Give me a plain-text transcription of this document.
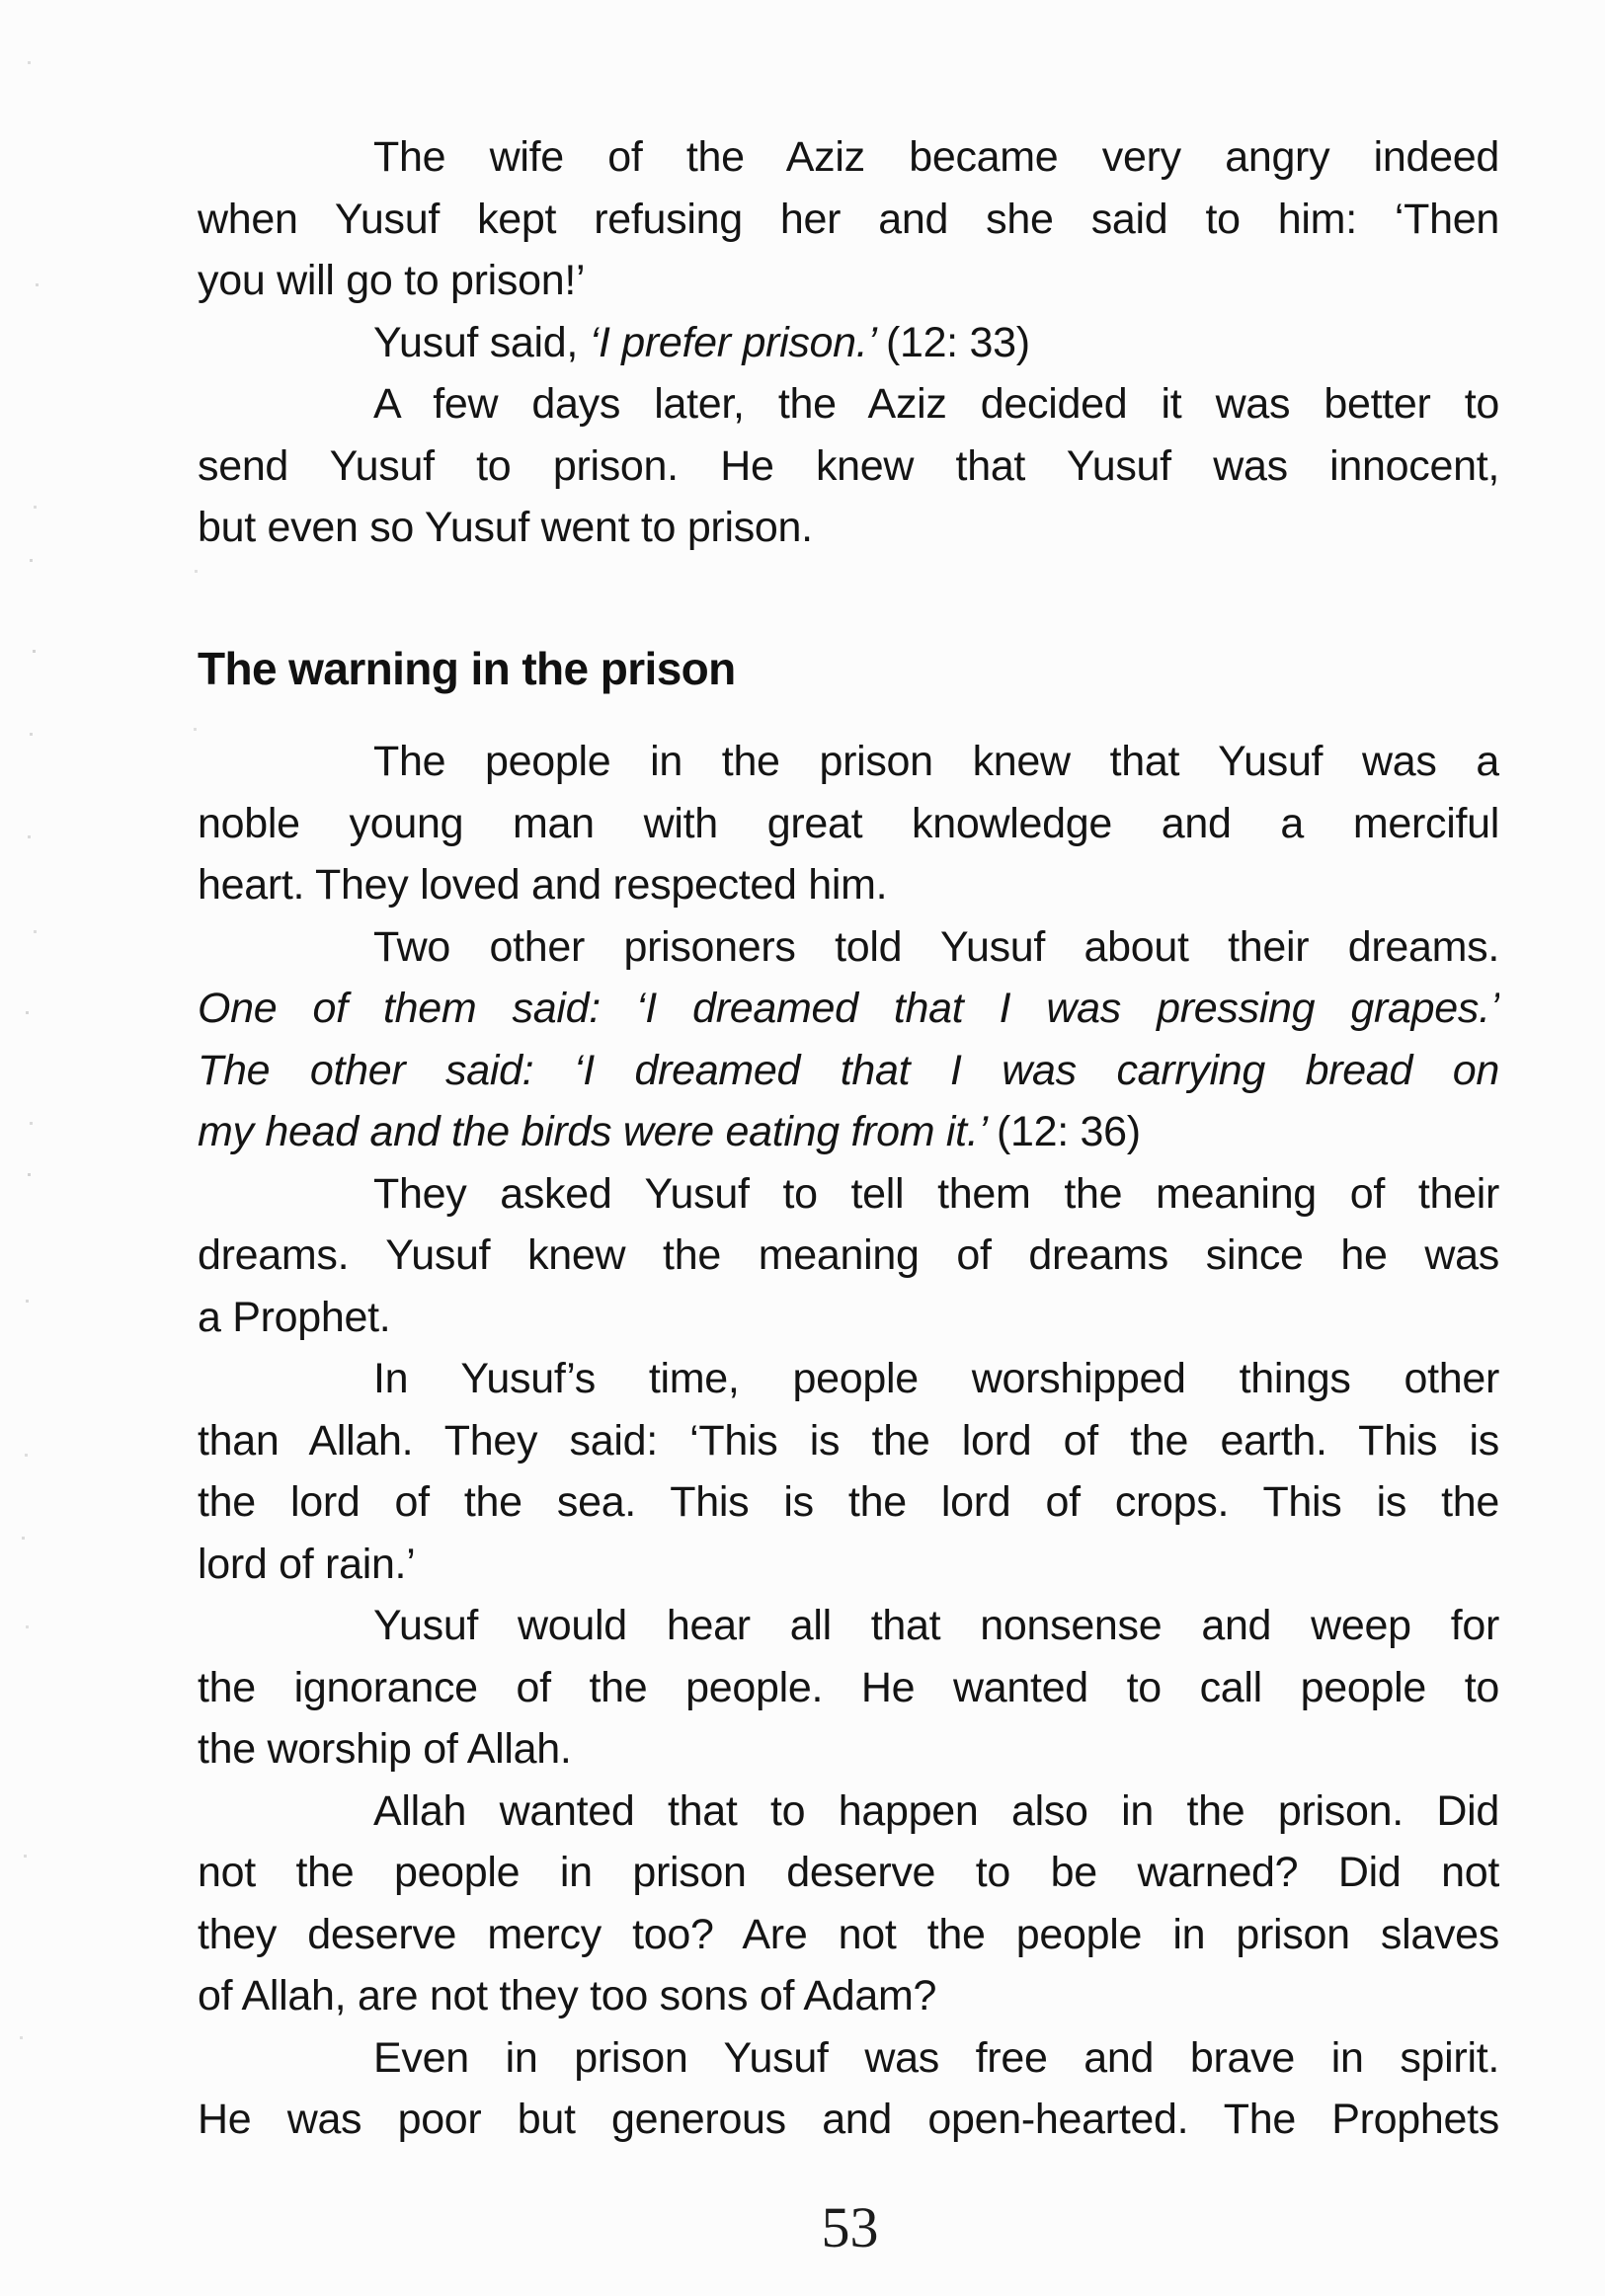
The wife of the Aziz became very angry indeed
when Yusuf kept refusing her and she said to him: ‘Then
you will go to prison!’
Yusuf said, ‘I prefer prison.’ (12: 33)
A few days later, the Aziz decided it was better to
send Yusuf to prison. He knew that Yusuf was innocent,
but even so Yusuf went to prison.
The warning in the prison
The people in the prison knew that Yusuf was a
noble young man with great knowledge and a merciful
heart. They loved and respected him.
Two other prisoners told Yusuf about their dreams.
One of them said: ‘I dreamed that I was pressing grapes.’
The other said: ‘I dreamed that I was carrying bread on
my head and the birds were eating from it.’ (12: 36)
They asked Yusuf to tell them the meaning of their
dreams. Yusuf knew the meaning of dreams since he was
a Prophet.
In Yusuf’s time, people worshipped things other
than Allah. They said: ‘This is the lord of the earth. This is
the lord of the sea. This is the lord of crops. This is the
lord of rain.’
Yusuf would hear all that nonsense and weep for
the ignorance of the people. He wanted to call people to
the worship of Allah.
Allah wanted that to happen also in the prison. Did
not the people in prison deserve to be warned? Did not
they deserve mercy too? Are not the people in prison slaves
of Allah, are not they too sons of Adam?
Even in prison Yusuf was free and brave in spirit.
He was poor but generous and open-hearted. The Prophets
53
